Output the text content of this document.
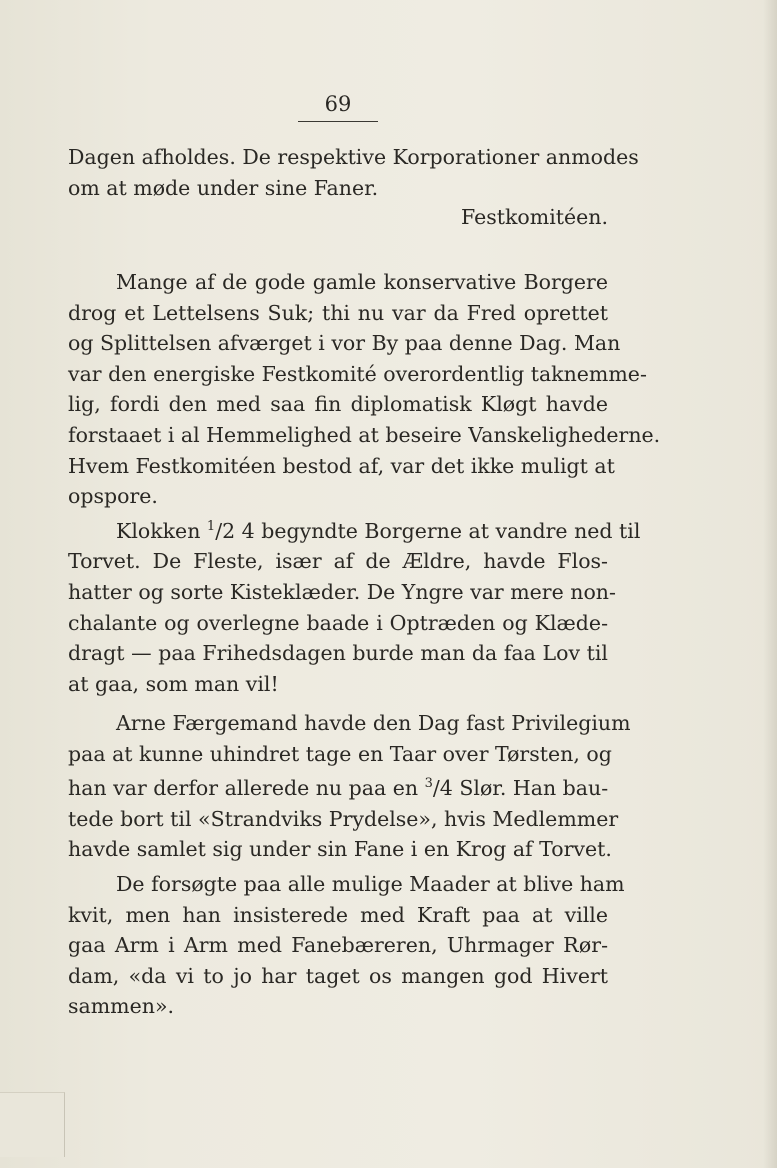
69
Dagen afholdes. De respektive Korporationer anmodes
om at møde under sine Faner.
Festkomitéen.
Mange af de gode gamle konservative Borgere
drog et Lettelsens Suk; thi nu var da Fred oprettet
og Splittelsen afværget i vor By paa denne Dag. Man
var den energiske Festkomité overordentlig taknemme-
lig, fordi den med saa fin diplomatisk Kløgt havde
forstaaet i al Hemmelighed at beseire Vanskelighederne.
Hvem Festkomitéen bestod af, var det ikke muligt at
opspore.
Klokken $^1$/2 4 begyndte Borgerne at vandre ned til
Torvet. De Fleste, især af de Ældre, havde Flos-
hatter og sorte Kisteklæder. De Yngre var mere non-
chalante og overlegne baade i Optræden og Klæde-
dragt — paa Frihedsdagen burde man da faa Lov til
at gaa, som man vil!
Arne Færgemand havde den Dag fast Privilegium
paa at kunne uhindret tage en Taar over Tørsten, og
han var derfor allerede nu paa en $^3$/4 Slør. Han bau-
tede bort til «Strandviks Prydelse», hvis Medlemmer
havde samlet sig under sin Fane i en Krog af Torvet.
De forsøgte paa alle mulige Maader at blive ham
kvit, men han insisterede med Kraft paa at ville
gaa Arm i Arm med Fanebæreren, Uhrmager Rør-
dam, «da vi to jo har taget os mangen god Hivert
sammen».
